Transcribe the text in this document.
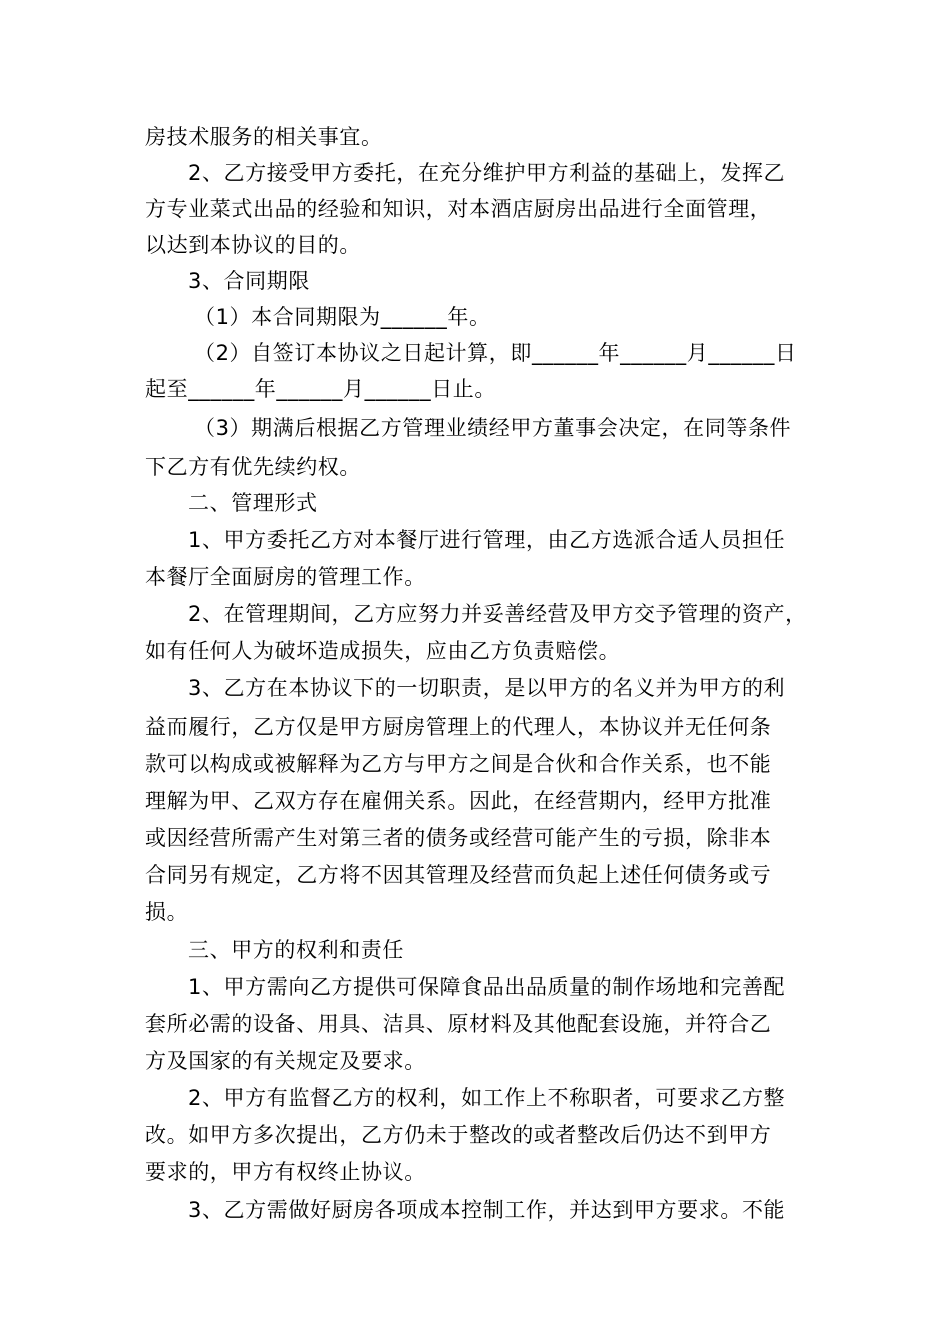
房技术服务的相关事宜。
2、乙方接受甲方委托，在充分维护甲方利益的基础上，发挥乙
方专业菜式出品的经验和知识，对本酒店厨房出品进行全面管理，
以达到本协议的目的。
3、合同期限
（1）本合同期限为______年。
（2）自签订本协议之日起计算，即______年______月______日
起至______年______月______日止。
（3）期满后根据乙方管理业绩经甲方董事会决定，在同等条件
下乙方有优先续约权。
二、管理形式
1、甲方委托乙方对本餐厅进行管理，由乙方选派合适人员担任
本餐厅全面厨房的管理工作。
2、在管理期间，乙方应努力并妥善经营及甲方交予管理的资产，
如有任何人为破坏造成损失，应由乙方负责赔偿。
3、乙方在本协议下的一切职责，是以甲方的名义并为甲方的利
益而履行，乙方仅是甲方厨房管理上的代理人，本协议并无任何条
款可以构成或被解释为乙方与甲方之间是合伙和合作关系，也不能
理解为甲、乙双方存在雇佣关系。因此，在经营期内，经甲方批准
或因经营所需产生对第三者的债务或经营可能产生的亏损，除非本
合同另有规定，乙方将不因其管理及经营而负起上述任何债务或亏
损。
三、甲方的权利和责任
1、甲方需向乙方提供可保障食品出品质量的制作场地和完善配
套所必需的设备、用具、洁具、原材料及其他配套设施，并符合乙
方及国家的有关规定及要求。
2、甲方有监督乙方的权利，如工作上不称职者，可要求乙方整
改。如甲方多次提出，乙方仍未于整改的或者整改后仍达不到甲方
要求的，甲方有权终止协议。
3、乙方需做好厨房各项成本控制工作，并达到甲方要求。不能
